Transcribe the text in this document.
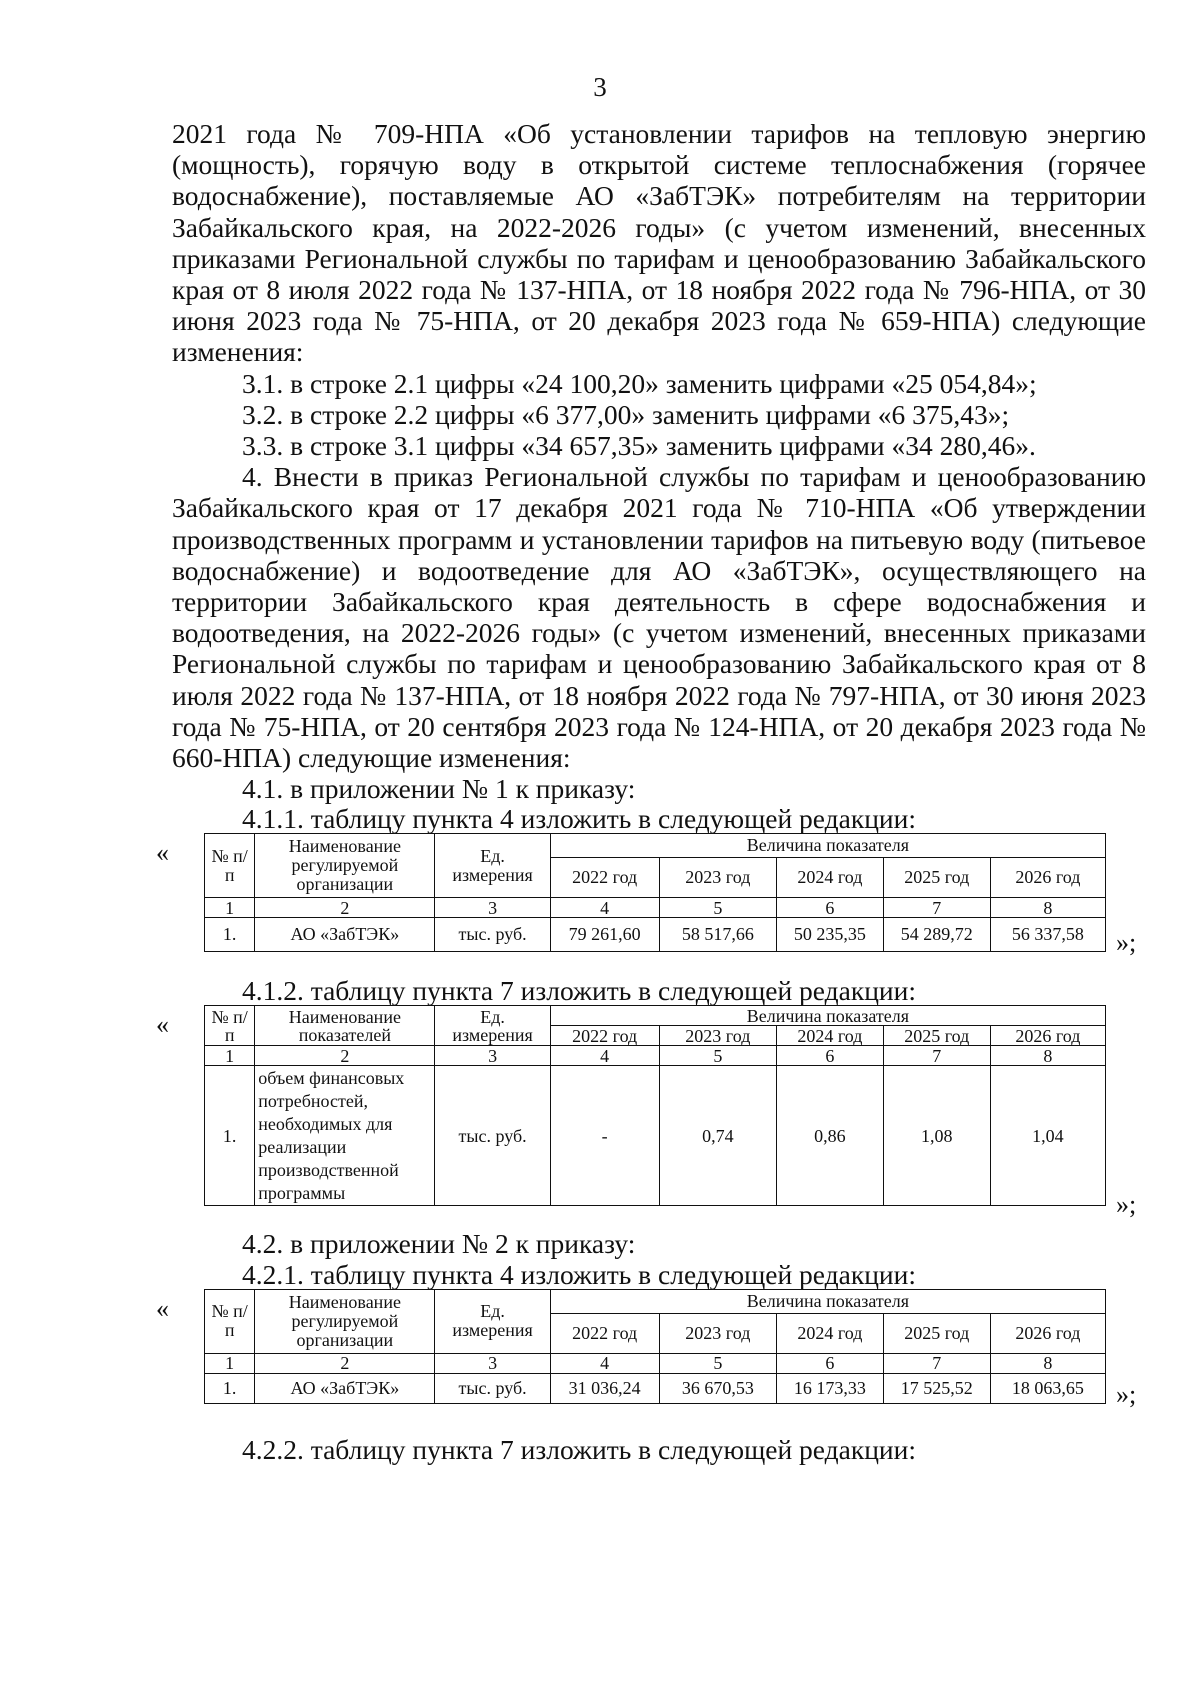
3

2021 года № 709-НПА «Об установлении тарифов на тепловую энергию (мощность), горячую воду в открытой системе теплоснабжения (горячее водоснабжение), поставляемые АО «ЗабТЭК» потребителям на территории Забайкальского края, на 2022-2026 годы» (с учетом изменений, внесенных приказами Региональной службы по тарифам и ценообразованию Забайкальского края от 8 июля 2022 года № 137-НПА, от 18 ноября 2022 года № 796-НПА, от 30 июня 2023 года № 75-НПА, от 20 декабря 2023 года № 659-НПА) следующие изменения:

3.1. в строке 2.1 цифры «24 100,20» заменить цифрами «25 054,84»;

3.2. в строке 2.2 цифры «6 377,00» заменить цифрами «6 375,43»;

3.3. в строке 3.1 цифры «34 657,35» заменить цифрами «34 280,46».

4. Внести в приказ Региональной службы по тарифам и ценообразованию Забайкальского края от 17 декабря 2021 года № 710-НПА «Об утверждении производственных программ и установлении тарифов на питьевую воду (питьевое водоснабжение) и водоотведение для АО «ЗабТЭК», осуществляющего на территории Забайкальского края деятельность в сфере водоснабжения и водоотведения, на 2022-2026 годы» (с учетом изменений, внесенных приказами Региональной службы по тарифам и ценообразованию Забайкальского края от 8 июля 2022 года № 137-НПА, от 18 ноября 2022 года № 797-НПА, от 30 июня 2023 года № 75-НПА, от 20 сентября 2023 года № 124-НПА, от 20 декабря 2023 года № 660-НПА) следующие изменения:

4.1. в приложении № 1 к приказу:

4.1.1. таблицу пункта 4 изложить в следующей редакции:

« № п/п	Наименование регулируемой организации	Ед. измерения	Величина показателя				
			2022 год	2023 год	2024 год	2025 год	2026 год
1	2	3	4	5	6	7	8
1.	АО «ЗабТЭК»	тыс. руб.	79 261,60	58 517,66	50 235,35	54 289,72	56 337,58 »;

4.1.2. таблицу пункта 7 изложить в следующей редакции:

« № п/п	Наименование показателей	Ед. измерения	Величина показателя				
			2022 год	2023 год	2024 год	2025 год	2026 год
1	2	3	4	5	6	7	8
1.	объем финансовых потребностей, необходимых для реализации производственной программы	тыс. руб.	-	0,74	0,86	1,08	1,04
»;

4.2. в приложении № 2 к приказу:

4.2.1. таблицу пункта 4 изложить в следующей редакции:

« № п/п	Наименование регулируемой организации	Ед. измерения	Величина показателя				
			2022 год	2023 год	2024 год	2025 год	2026 год
1	2	3	4	5	6	7	8
1.	АО «ЗабТЭК»	тыс. руб.	31 036,24	36 670,53	16 173,33	17 525,52	18 063,65 »;

4.2.2. таблицу пункта 7 изложить в следующей редакции:
